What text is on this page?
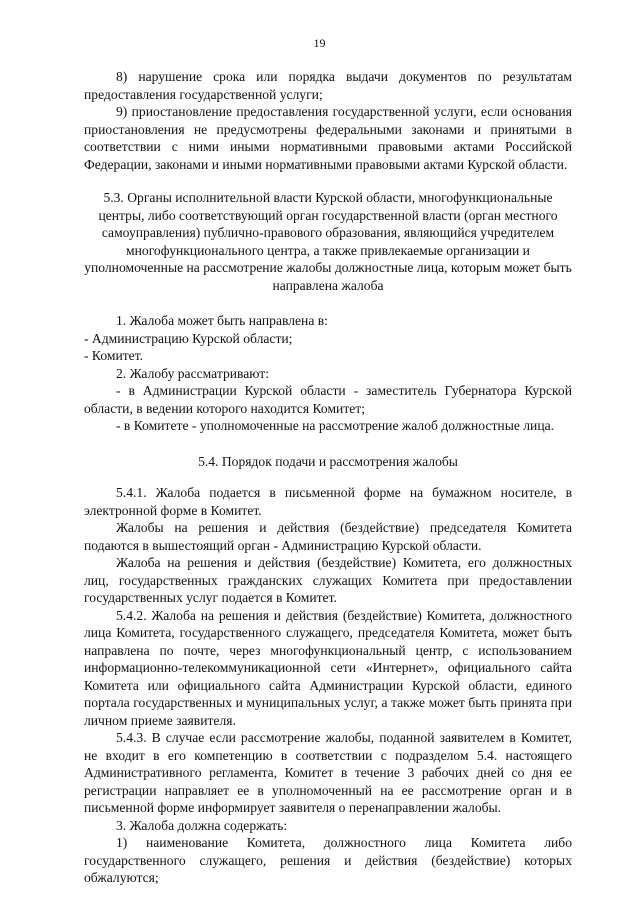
19

8) нарушение срока или порядка выдачи документов по результатам предоставления государственной услуги;

9) приостановление предоставления государственной услуги, если основания приостановления не предусмотрены федеральными законами и принятыми в соответствии с ними иными нормативными правовыми актами Российской Федерации, законами и иными нормативными правовыми актами Курской области.

5.3. Органы исполнительной власти Курской области, многофункциональные центры, либо соответствующий орган государственной власти (орган местного самоуправления) публично-правового образования, являющийся учредителем многофункционального центра, а также привлекаемые организации и уполномоченные на рассмотрение жалобы должностные лица, которым может быть направлена жалоба

1. Жалоба может быть направлена в:

- Администрацию Курской области;

- Комитет.

2. Жалобу рассматривают:

- в Администрации Курской области - заместитель Губернатора Курской области, в ведении которого находится Комитет;

- в Комитете - уполномоченные на рассмотрение жалоб должностные лица.

5.4. Порядок подачи и рассмотрения жалобы

5.4.1. Жалоба подается в письменной форме на бумажном носителе, в электронной форме в Комитет.

Жалобы на решения и действия (бездействие) председателя Комитета подаются в вышестоящий орган - Администрацию Курской области.

Жалоба на решения и действия (бездействие) Комитета, его должностных лиц, государственных гражданских служащих Комитета при предоставлении государственных услуг подается в Комитет.

5.4.2. Жалоба на решения и действия (бездействие) Комитета, должностного лица Комитета, государственного служащего, председателя Комитета, может быть направлена по почте, через многофункциональный центр, с использованием информационно-телекоммуникационной сети «Интернет», официального сайта Комитета или официального сайта Администрации Курской области, единого портала государственных и муниципальных услуг, а также может быть принята при личном приеме заявителя.

5.4.3. В случае если рассмотрение жалобы, поданной заявителем в Комитет, не входит в его компетенцию в соответствии с подразделом 5.4. настоящего Административного регламента, Комитет в течение 3 рабочих дней со дня ее регистрации направляет ее в уполномоченный на ее рассмотрение орган и в письменной форме информирует заявителя о перенаправлении жалобы.

3. Жалоба должна содержать:

1) наименование Комитета, должностного лица Комитета либо государственного служащего, решения и действия (бездействие) которых обжалуются;
